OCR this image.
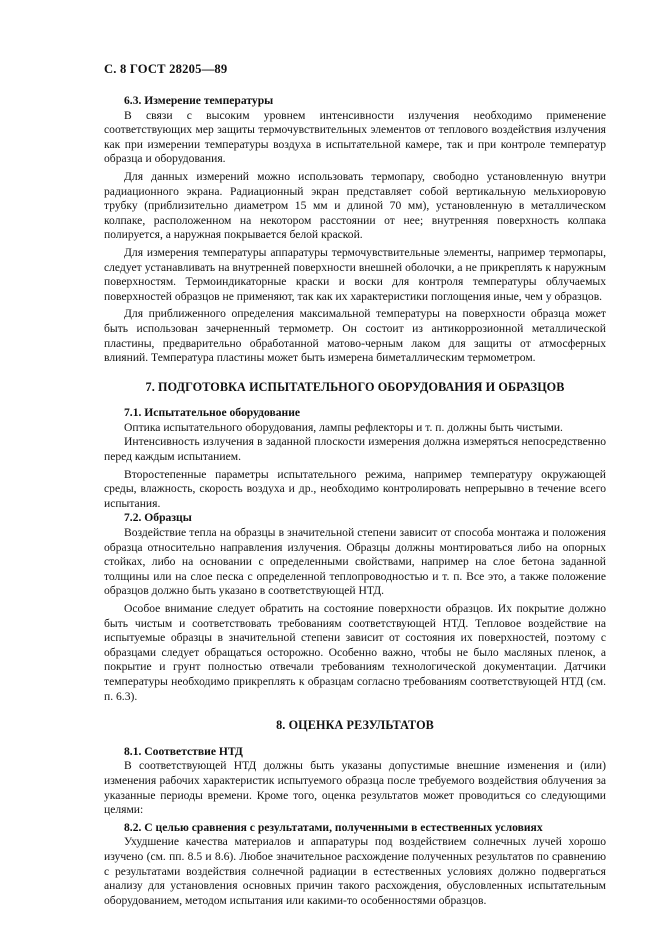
С. 8 ГОСТ 28205—89

6.3. Измерение температуры

В связи с высоким уровнем интенсивности излучения необходимо применение соответствующих мер защиты термочувствительных элементов от теплового воздействия излучения как при измерении температуры воздуха в испытательной камере, так и при контроле температур образца и оборудования.

Для данных измерений можно использовать термопару, свободно установленную внутри радиационного экрана. Радиационный экран представляет собой вертикальную мельхиоровую трубку (приблизительно диаметром 15 мм и длиной 70 мм), установленную в металлическом колпаке, расположенном на некотором расстоянии от нее; внутренняя поверхность колпака полируется, а наружная покрывается белой краской.

Для измерения температуры аппаратуры термочувствительные элементы, например термопары, следует устанавливать на внутренней поверхности внешней оболочки, а не прикреплять к наружным поверхностям. Термоиндикаторные краски и воски для контроля температуры облучаемых поверхностей образцов не применяют, так как их характеристики поглощения иные, чем у образцов.

Для приближенного определения максимальной температуры на поверхности образца может быть использован зачерненный термометр. Он состоит из антикоррозионной металлической пластины, предварительно обработанной матово-черным лаком для защиты от атмосферных влияний. Температура пластины может быть измерена биметаллическим термометром.

7. ПОДГОТОВКА ИСПЫТАТЕЛЬНОГО ОБОРУДОВАНИЯ И ОБРАЗЦОВ

7.1. Испытательное оборудование

Оптика испытательного оборудования, лампы рефлекторы и т. п. должны быть чистыми.

Интенсивность излучения в заданной плоскости измерения должна измеряться непосредственно перед каждым испытанием.

Второстепенные параметры испытательного режима, например температуру окружающей среды, влажность, скорость воздуха и др., необходимо контролировать непрерывно в течение всего испытания.

7.2. Образцы

Воздействие тепла на образцы в значительной степени зависит от способа монтажа и положения образца относительно направления излучения. Образцы должны монтироваться либо на опорных стойках, либо на основании с определенными свойствами, например на слое бетона заданной толщины или на слое песка с определенной теплопроводностью и т. п. Все это, а также положение образцов должно быть указано в соответствующей НТД.

Особое внимание следует обратить на состояние поверхности образцов. Их покрытие должно быть чистым и соответствовать требованиям соответствующей НТД. Тепловое воздействие на испытуемые образцы в значительной степени зависит от состояния их поверхностей, поэтому с образцами следует обращаться осторожно. Особенно важно, чтобы не было масляных пленок, а покрытие и грунт полностью отвечали требованиям технологической документации. Датчики температуры необходимо прикреплять к образцам согласно требованиям соответствующей НТД (см. п. 6.3).

8. ОЦЕНКА РЕЗУЛЬТАТОВ

8.1. Соответствие НТД

В соответствующей НТД должны быть указаны допустимые внешние изменения и (или) изменения рабочих характеристик испытуемого образца после требуемого воздействия облучения за указанные периоды времени. Кроме того, оценка результатов может проводиться со следующими целями:

8.2. С целью сравнения с результатами, полученными в естественных условиях

Ухудшение качества материалов и аппаратуры под воздействием солнечных лучей хорошо изучено (см. пп. 8.5 и 8.6). Любое значительное расхождение полученных результатов по сравнению с результатами воздействия солнечной радиации в естественных условиях должно подвергаться анализу для установления основных причин такого расхождения, обусловленных испытательным оборудованием, методом испытания или какими-то особенностями образцов.
